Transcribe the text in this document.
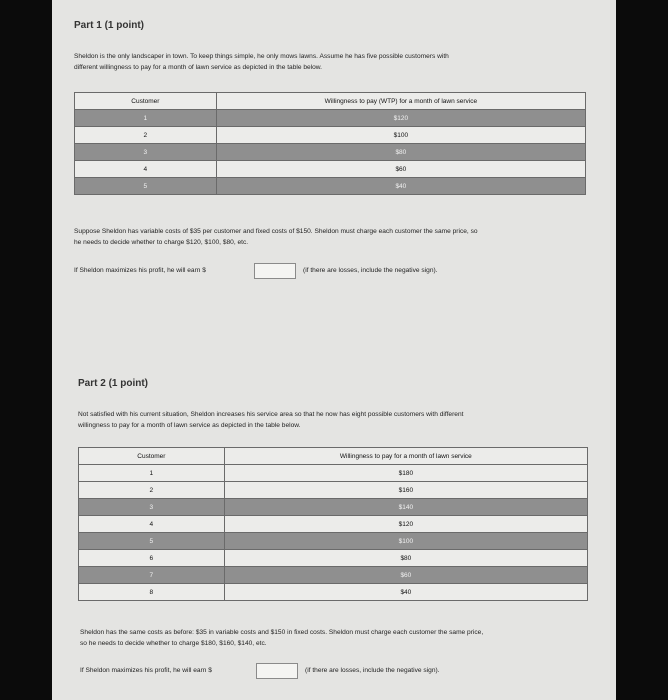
Part 1 (1 point)
Sheldon is the only landscaper in town. To keep things simple, he only mows lawns. Assume he has five possible customers with
different willingness to pay for a month of lawn service as depicted in the table below.
Customer	Willingness to pay (WTP) for a month of lawn service
1	$120
2	$100
3	$80
4	$60
5	$40
Suppose Sheldon has variable costs of $35 per customer and fixed costs of $150. Sheldon must charge each customer the same price, so
he needs to decide whether to charge $120, $100, $80, etc.
If Sheldon maximizes his profit, he will earn $	(if there are losses, include the negative sign).
Part 2 (1 point)
Not satisfied with his current situation, Sheldon increases his service area so that he now has eight possible customers with different
willingness to pay for a month of lawn service as depicted in the table below.
Customer	Willingness to pay for a month of lawn service
1	$180
2	$160
3	$140
4	$120
5	$100
6	$80
7	$60
8	$40
Sheldon has the same costs as before: $35 in variable costs and $150 in fixed costs. Sheldon must charge each customer the same price,
so he needs to decide whether to charge $180, $160, $140, etc.
If Sheldon maximizes his profit, he will earn $	(if there are losses, include the negative sign).
